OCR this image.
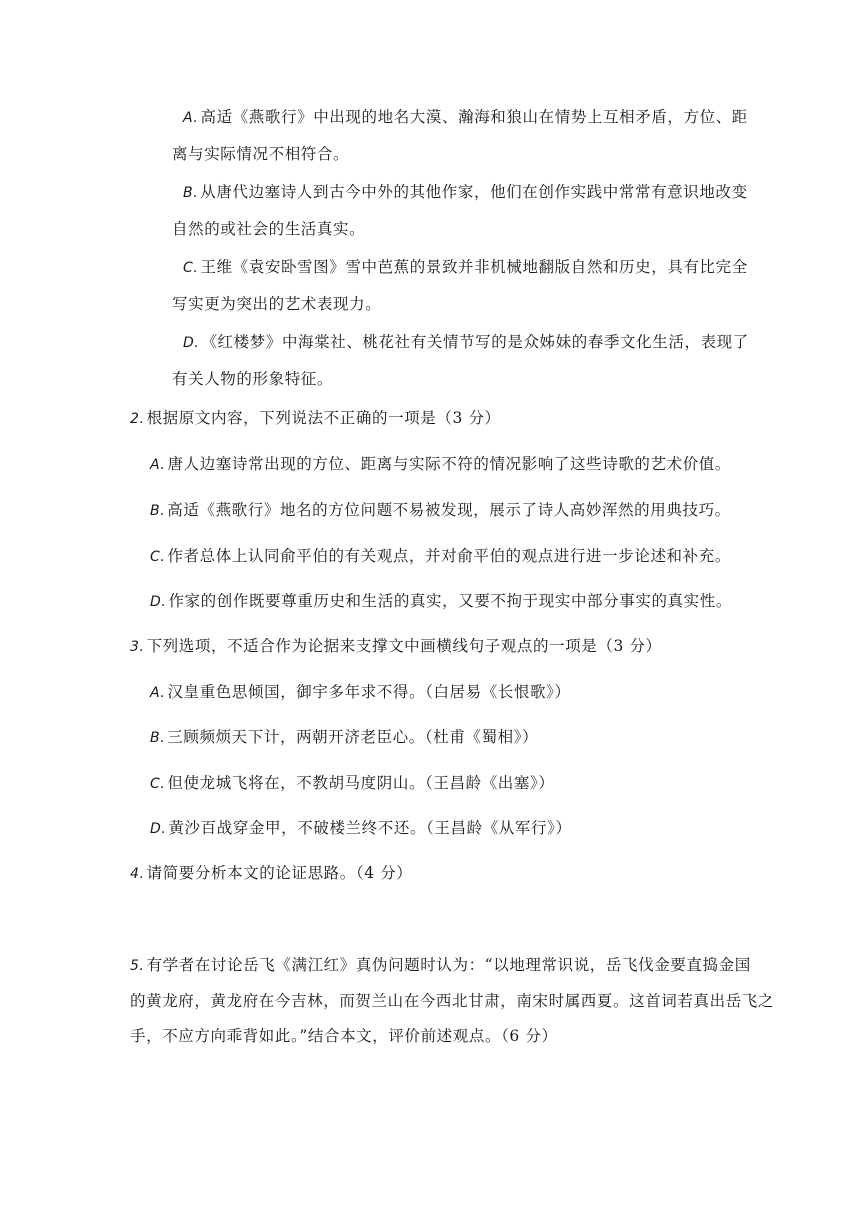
A. 高适《燕歌行》中出现的地名大漠、瀚海和狼山在情势上互相矛盾，方位、距
离与实际情况不相符合。
B. 从唐代边塞诗人到古今中外的其他作家，他们在创作实践中常常有意识地改变
自然的或社会的生活真实。
C. 王维《袁安卧雪图》雪中芭蕉的景致并非机械地翻版自然和历史，具有比完全
写实更为突出的艺术表现力。
D. 《红楼梦》中海棠社、桃花社有关情节写的是众姊妹的春季文化生活，表现了
有关人物的形象特征。
2. 根据原文内容，下列说法不正确的一项是（3 分）
A. 唐人边塞诗常出现的方位、距离与实际不符的情况影响了这些诗歌的艺术价值。
B. 高适《燕歌行》地名的方位问题不易被发现，展示了诗人高妙浑然的用典技巧。
C. 作者总体上认同俞平伯的有关观点，并对俞平伯的观点进行进一步论述和补充。
D. 作家的创作既要尊重历史和生活的真实，又要不拘于现实中部分事实的真实性。
3. 下列选项，不适合作为论据来支撑文中画横线句子观点的一项是（3 分）
A. 汉皇重色思倾国，御宇多年求不得。（白居易《长恨歌》）
B. 三顾频烦天下计，两朝开济老臣心。（杜甫《蜀相》）
C. 但使龙城飞将在，不教胡马度阴山。（王昌龄《出塞》）
D. 黄沙百战穿金甲，不破楼兰终不还。（王昌龄《从军行》）
4. 请简要分析本文的论证思路。（4 分）
5. 有学者在讨论岳飞《满江红》真伪问题时认为：“以地理常识说，岳飞伐金要直捣金国
的黄龙府，黄龙府在今吉林，而贺兰山在今西北甘肃，南宋时属西夏。这首词若真出岳飞之
手，不应方向乖背如此。”结合本文，评价前述观点。（6 分）
